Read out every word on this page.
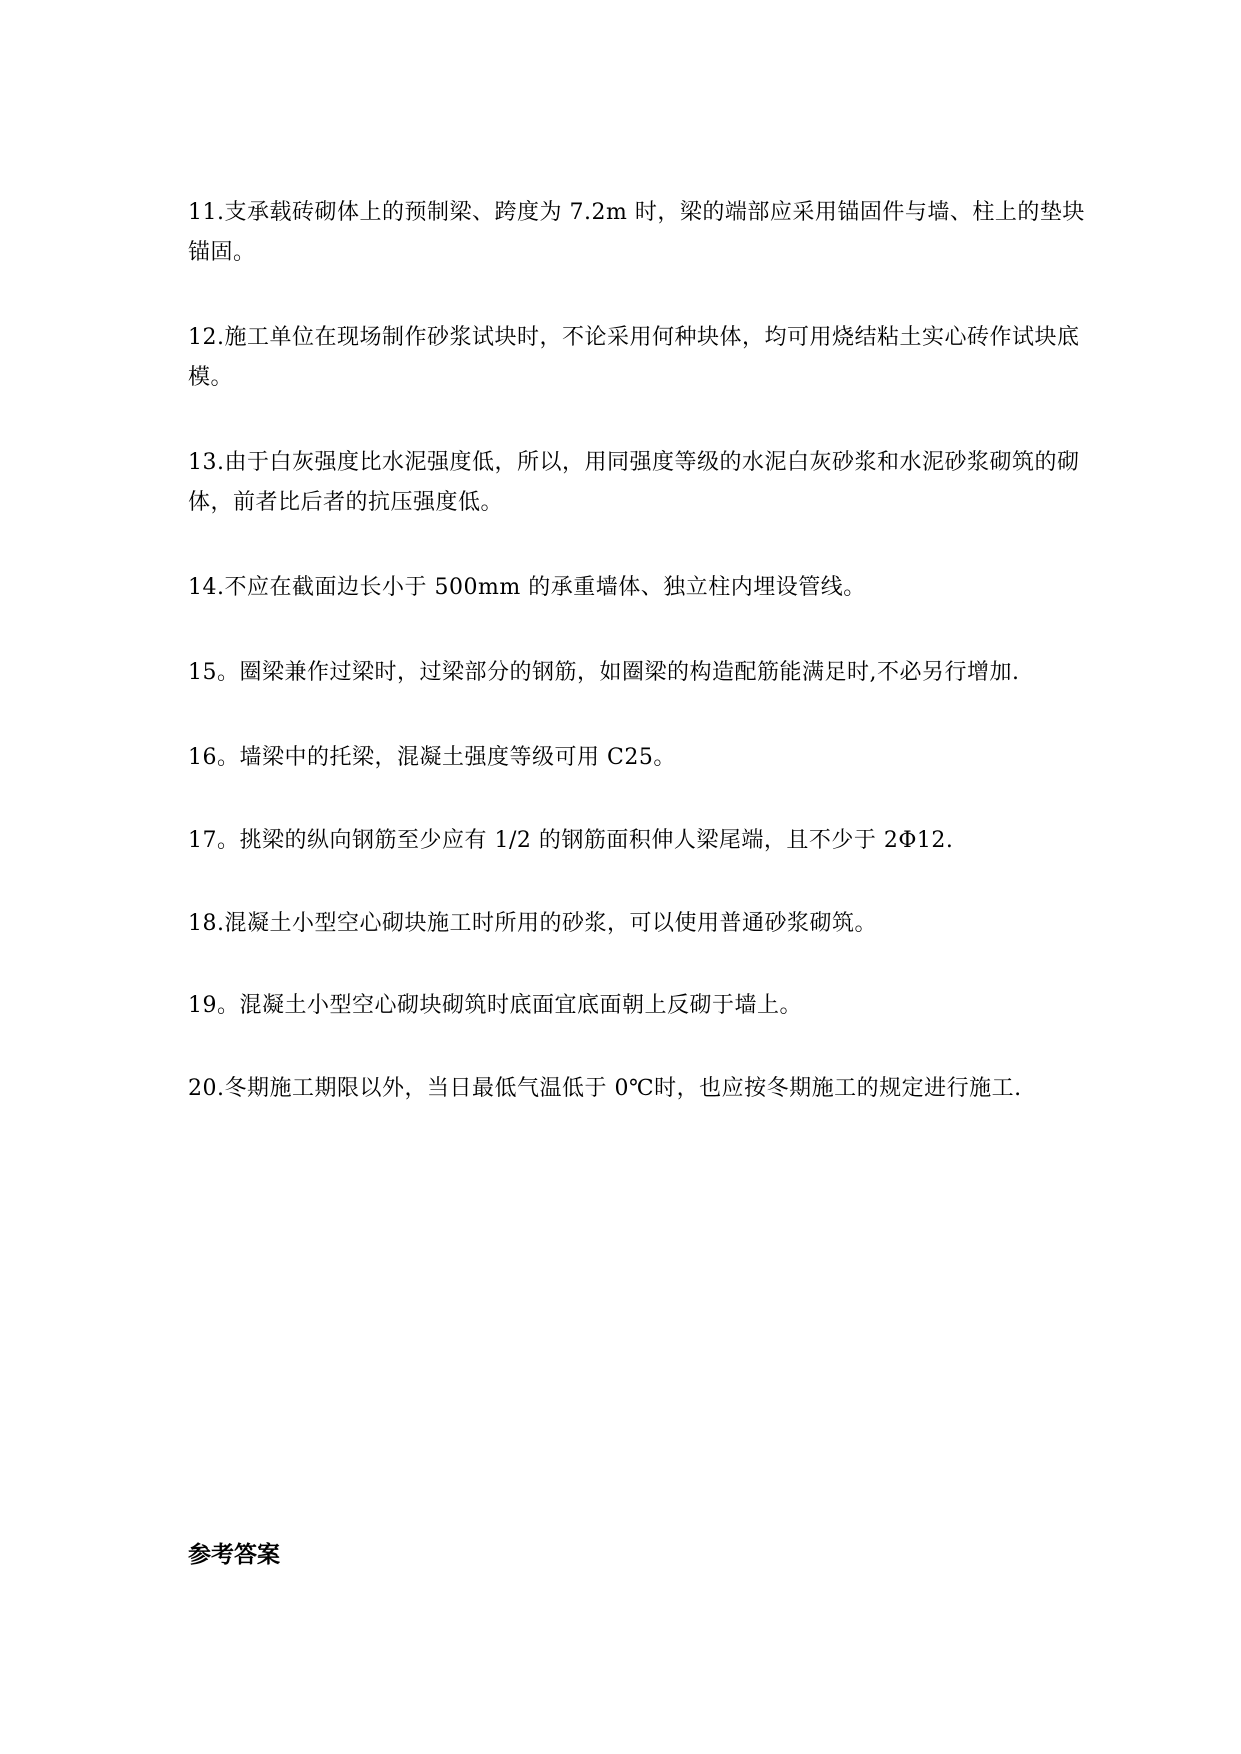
11.支承载砖砌体上的预制梁、跨度为 7.2m 时，梁的端部应采用锚固件与墙、柱上的垫块锚固。

12.施工单位在现场制作砂浆试块时，不论采用何种块体，均可用烧结粘土实心砖作试块底模。

13.由于白灰强度比水泥强度低，所以，用同强度等级的水泥白灰砂浆和水泥砂浆砌筑的砌体，前者比后者的抗压强度低。

14.不应在截面边长小于 500mm 的承重墙体、独立柱内埋设管线。

15。圈梁兼作过梁时，过梁部分的钢筋，如圈梁的构造配筋能满足时,不必另行增加.

16。墙梁中的托梁，混凝土强度等级可用 C25。

17。挑梁的纵向钢筋至少应有 1/2 的钢筋面积伸人梁尾端，且不少于 2Φ12.

18.混凝土小型空心砌块施工时所用的砂浆，可以使用普通砂浆砌筑。

19。混凝土小型空心砌块砌筑时底面宜底面朝上反砌于墙上。

20.冬期施工期限以外，当日最低气温低于 0℃时，也应按冬期施工的规定进行施工.

参考答案
